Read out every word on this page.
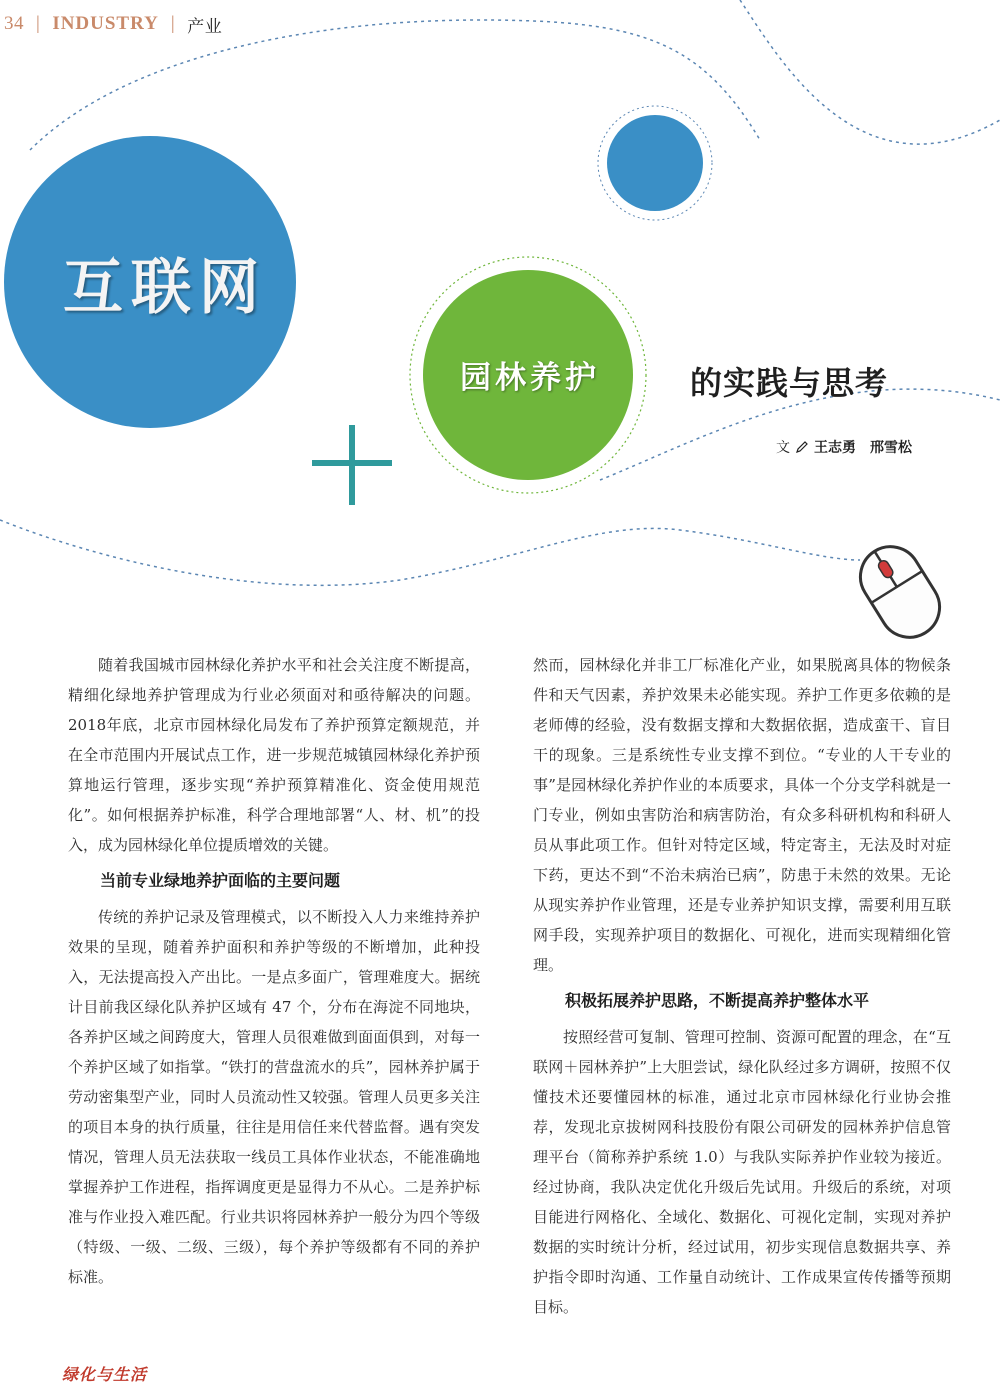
34 | INDUSTRY | 产业
互联网
园林养护	的实践与思考
文 王志勇　邢雪松

随着我国城市园林绿化养护水平和社会关注度不断提高，精细化绿地养护管理成为行业必须面对和亟待解决的问题。2018年底，北京市园林绿化局发布了养护预算定额规范，并在全市范围内开展试点工作，进一步规范城镇园林绿化养护预算地运行管理，逐步实现“养护预算精准化、资金使用规范化”。如何根据养护标准，科学合理地部署“人、材、机”的投入，成为园林绿化单位提质增效的关键。

当前专业绿地养护面临的主要问题

传统的养护记录及管理模式，以不断投入人力来维持养护效果的呈现，随着养护面积和养护等级的不断增加，此种投入，无法提高投入产出比。一是点多面广，管理难度大。据统计目前我区绿化队养护区域有 47 个，分布在海淀不同地块，各养护区域之间跨度大，管理人员很难做到面面俱到，对每一个养护区域了如指掌。“铁打的营盘流水的兵”，园林养护属于劳动密集型产业，同时人员流动性又较强。管理人员更多关注的项目本身的执行质量，往往是用信任来代替监督。遇有突发情况，管理人员无法获取一线员工具体作业状态，不能准确地掌握养护工作进程，指挥调度更是显得力不从心。二是养护标准与作业投入难匹配。行业共识将园林养护一般分为四个等级（特级、一级、二级、三级），每个养护等级都有不同的养护标准。

然而，园林绿化并非工厂标准化产业，如果脱离具体的物候条件和天气因素，养护效果未必能实现。养护工作更多依赖的是老师傅的经验，没有数据支撑和大数据依据，造成蛮干、盲目干的现象。三是系统性专业支撑不到位。“专业的人干专业的事”是园林绿化养护作业的本质要求，具体一个分支学科就是一门专业，例如虫害防治和病害防治，有众多科研机构和科研人员从事此项工作。但针对特定区域，特定寄主，无法及时对症下药，更达不到“不治未病治已病”，防患于未然的效果。无论从现实养护作业管理，还是专业养护知识支撑，需要利用互联网手段，实现养护项目的数据化、可视化，进而实现精细化管理。

积极拓展养护思路，不断提高养护整体水平

按照经营可复制、管理可控制、资源可配置的理念，在“互联网＋园林养护”上大胆尝试，绿化队经过多方调研，按照不仅懂技术还要懂园林的标准，通过北京市园林绿化行业协会推荐，发现北京拔树网科技股份有限公司研发的园林养护信息管理平台（简称养护系统 1.0）与我队实际养护作业较为接近。经过协商，我队决定优化升级后先试用。升级后的系统，对项目能进行网格化、全域化、数据化、可视化定制，实现对养护数据的实时统计分析，经过试用，初步实现信息数据共享、养护指令即时沟通、工作量自动统计、工作成果宣传传播等预期目标。

绿化与生活
